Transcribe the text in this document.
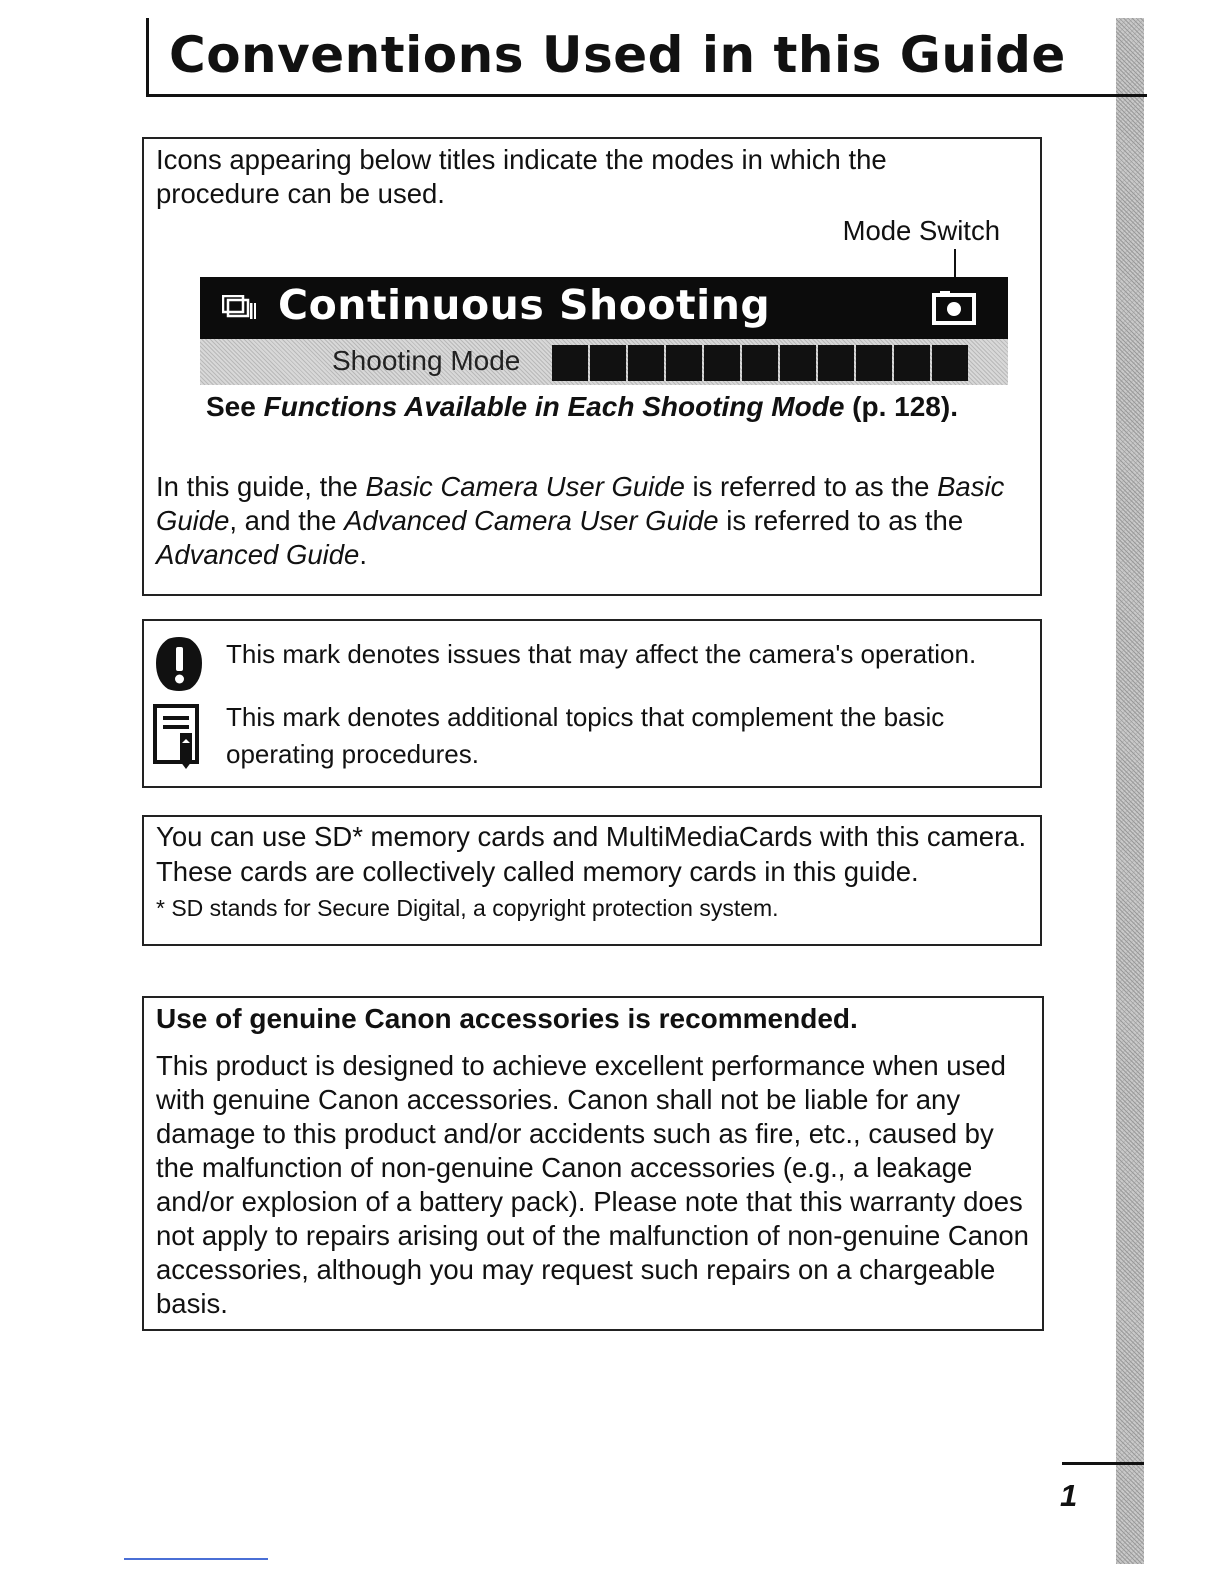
Conventions Used in this Guide

Icons appearing below titles indicate the modes in which the procedure can be used.

Mode Switch
Continuous Shooting
Shooting Mode
See Functions Available in Each Shooting Mode (p. 128).

In this guide, the Basic Camera User Guide is referred to as the Basic Guide, and the Advanced Camera User Guide is referred to as the Advanced Guide.

This mark denotes issues that may affect the camera's operation.
This mark denotes additional topics that complement the basic operating procedures.
You can use SD* memory cards and MultiMediaCards with this camera. These cards are collectively called memory cards in this guide.
* SD stands for Secure Digital, a copyright protection system.
Use of genuine Canon accessories is recommended.
This product is designed to achieve excellent performance when used with genuine Canon accessories. Canon shall not be liable for any damage to this product and/or accidents such as fire, etc., caused by the malfunction of non-genuine Canon accessories (e.g., a leakage and/or explosion of a battery pack). Please note that this warranty does not apply to repairs arising out of the malfunction of non-genuine Canon accessories, although you may request such repairs on a chargeable basis.
1
